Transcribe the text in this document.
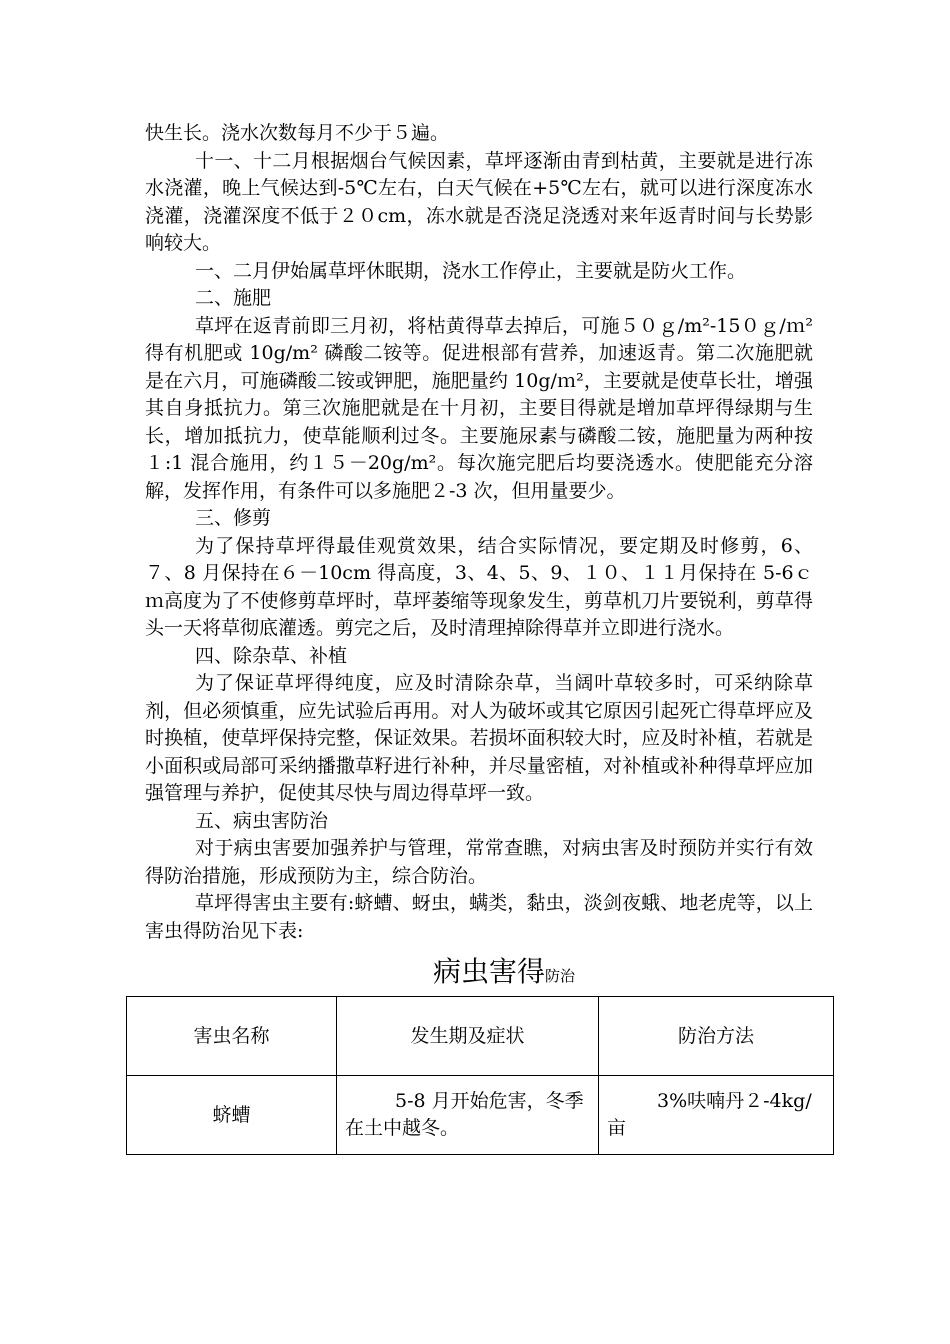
快生长。浇水次数每月不少于５遍。

十一、十二月根据烟台气候因素，草坪逐渐由青到枯黄，主要就是进行冻水浇灌，晚上气候达到-5℃左右，白天气候在+5℃左右，就可以进行深度冻水浇灌，浇灌深度不低于２０cm，冻水就是否浇足浇透对来年返青时间与长势影响较大。

一、二月伊始属草坪休眠期，浇水工作停止，主要就是防火工作。

二、施肥

草坪在返青前即三月初，将枯黄得草去掉后，可施５０ｇ/m²-15０ｇ/ｍ² 得有机肥或 10g/m² 磷酸二铵等。促进根部有营养，加速返青。第二次施肥就是在六月，可施磷酸二铵或钾肥，施肥量约 10g/ｍ²，主要就是使草长壮，增强其自身抵抗力。第三次施肥就是在十月初，主要目得就是增加草坪得绿期与生长，增加抵抗力，使草能顺利过冬。主要施尿素与磷酸二铵，施肥量为两种按１:1 混合施用，约１５－20g/m²。每次施完肥后均要浇透水。使肥能充分溶解，发挥作用，有条件可以多施肥２-3 次，但用量要少。

三、修剪

为了保持草坪得最佳观赏效果，结合实际情况，要定期及时修剪，6、７、8 月保持在６－10cm 得高度，3、4、5、9、１０、１１月保持在 5-6ｃｍ高度为了不使修剪草坪时，草坪萎缩等现象发生，剪草机刀片要锐利，剪草得头一天将草彻底灌透。剪完之后，及时清理掉除得草并立即进行浇水。

四、除杂草、补植

为了保证草坪得纯度，应及时清除杂草，当阔叶草较多时，可采纳除草剂，但必须慎重，应先试验后再用。对人为破坏或其它原因引起死亡得草坪应及时换植，使草坪保持完整，保证效果。若损坏面积较大时，应及时补植，若就是小面积或局部可采纳播撒草籽进行补种，并尽量密植，对补植或补种得草坪应加强管理与养护，促使其尽快与周边得草坪一致。

五、病虫害防治

对于病虫害要加强养护与管理，常常查瞧，对病虫害及时预防并实行有效得防治措施，形成预防为主，综合防治。

草坪得害虫主要有:蛴螬、蚜虫，螨类，黏虫，淡剑夜蛾、地老虎等，以上害虫得防治见下表:

病虫害得防治
害虫名称	发生期及症状	防治方法
蛴螬	5-8 月开始危害，冬季在土中越冬。	3%呋喃丹２-4kg/亩
